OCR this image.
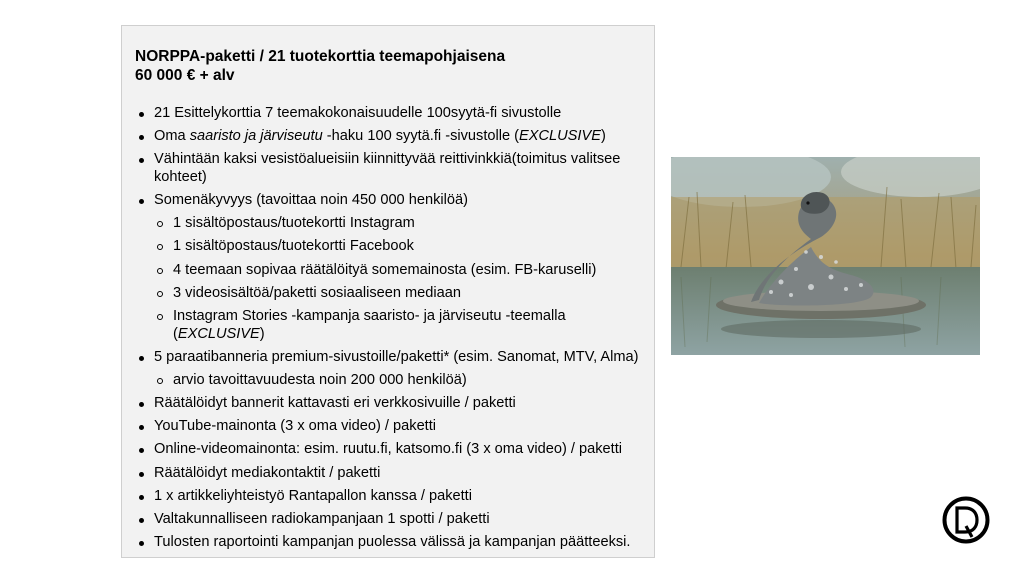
NORPPA-paketti / 21 tuotekorttia teemapohjaisena
60 000 € + alv
21 Esittelykorttia 7 teemakokonaisuudelle 100syytä-fi sivustolle
Oma saaristo ja järviseutu -haku 100 syytä.fi -sivustolle (EXCLUSIVE)
Vähintään kaksi vesistöalueisiin kiinnittyvää reittivinkkiä(toimitus valitsee kohteet)
Somenäkyvyys (tavoittaa noin 450 000 henkilöä)
1 sisältöpostaus/tuotekortti Instagram
1 sisältöpostaus/tuotekortti Facebook
4 teemaan sopivaa räätälöityä somemainosta (esim. FB-karuselli)
3 videosisältöä/paketti sosiaaliseen mediaan
Instagram Stories -kampanja saaristo- ja järviseutu -teemalla (EXCLUSIVE)
5 paraatibanneria premium-sivustoille/paketti* (esim. Sanomat, MTV, Alma)
arvio tavoittavuudesta noin 200 000 henkilöä)
Räätälöidyt bannerit kattavasti eri verkkosivuille / paketti
YouTube-mainonta (3 x oma video) / paketti
Online-videomainonta: esim. ruutu.fi, katsomo.fi (3 x oma video) / paketti
Räätälöidyt mediakontaktit / paketti
1 x artikkeliyhteistyö Rantapallon kanssa / paketti
Valtakunnalliseen radiokampanjaan 1 spotti / paketti
Tulosten raportointi kampanjan puolessa välissä ja kampanjan päätteeksi.
